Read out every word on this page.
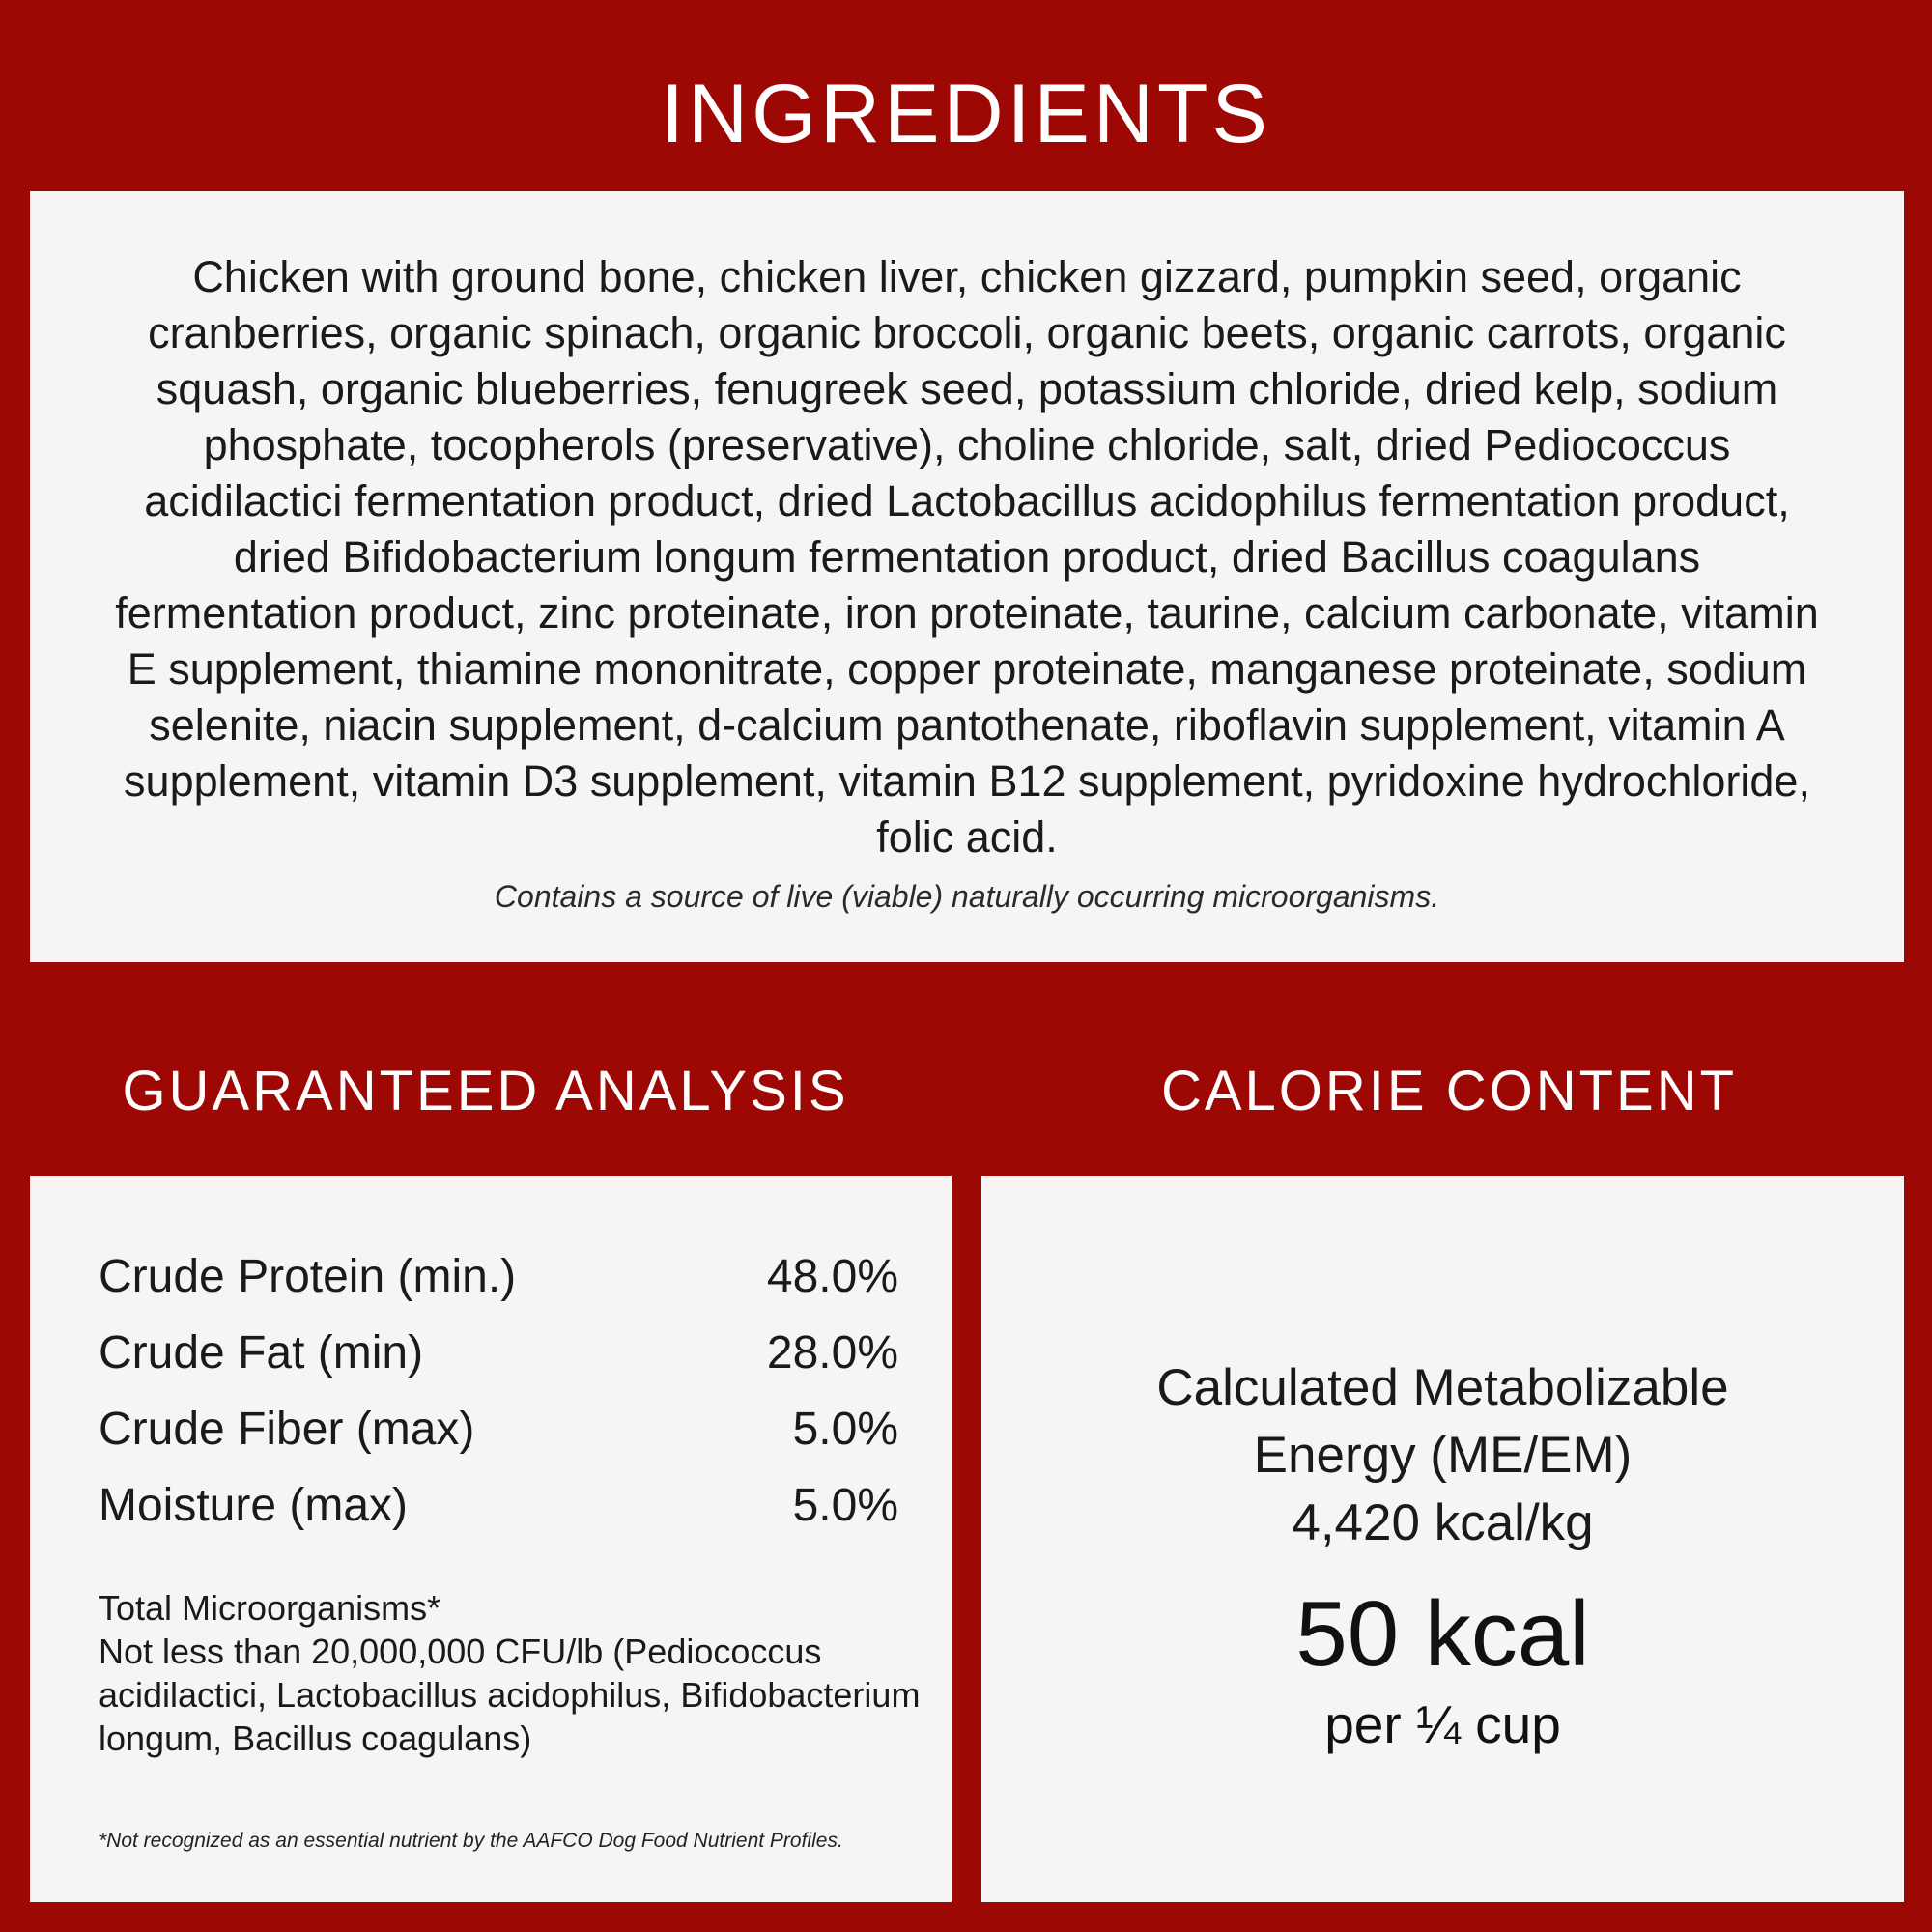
INGREDIENTS

Chicken with ground bone, chicken liver, chicken gizzard, pumpkin seed, organic cranberries, organic spinach, organic broccoli, organic beets, organic carrots, organic squash, organic blueberries, fenugreek seed, potassium chloride, dried kelp, sodium phosphate, tocopherols (preservative), choline chloride, salt, dried Pediococcus acidilactici fermentation product, dried Lactobacillus acidophilus fermentation product, dried Bifidobacterium longum fermentation product, dried Bacillus coagulans fermentation product, zinc proteinate, iron proteinate, taurine, calcium carbonate, vitamin E supplement, thiamine mononitrate, copper proteinate, manganese proteinate, sodium selenite, niacin supplement, d-calcium pantothenate, riboflavin supplement, vitamin A supplement, vitamin D3 supplement, vitamin B12 supplement, pyridoxine hydrochloride, folic acid.

Contains a source of live (viable) naturally occurring microorganisms.

GUARANTEED ANALYSIS	CALORIE CONTENT
Crude Protein (min.)	48.0%
Crude Fat (min)	28.0%
Crude Fiber (max)	5.0%
Moisture (max)	5.0%
Total Microorganisms*
Not less than 20,000,000 CFU/lb (Pediococcus acidilactici, Lactobacillus acidophilus, Bifidobacterium longum, Bacillus coagulans)

*Not recognized as an essential nutrient by the AAFCO Dog Food Nutrient Profiles.

Calculated Metabolizable
Energy (ME/EM)
4,420 kcal/kg

50 kcal
per ¼ cup
